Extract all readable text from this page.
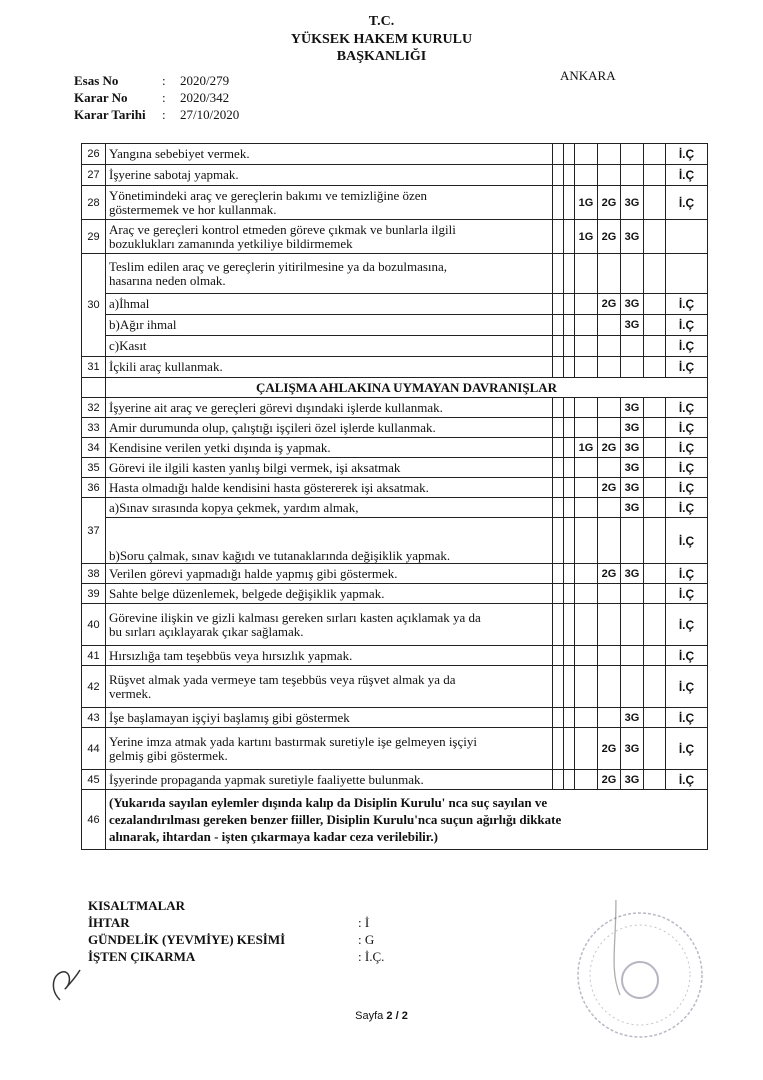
T.C.
YÜKSEK HAKEM KURULU
BAŞKANLIĞI
ANKARA
Esas No	:	2020/279
Karar No	:	2020/342
Karar Tarihi	:	27/10/2020
26	Yangına sebebiyet vermek.							İ.Ç
27	İşyerine sabotaj yapmak.							İ.Ç
28	Yönetimindeki araç ve gereçlerin bakımı ve temizliğine özen
göstermemek ve hor kullanmak.			1G	2G	3G		İ.Ç
29	Araç ve gereçleri kontrol etmeden göreve çıkmak ve bunlarla ilgili
bozuklukları zamanında yetkiliye bildirmemek			1G	2G	3G		
30	Teslim edilen araç ve gereçlerin yitirilmesine ya da bozulmasına,
hasarına neden olmak.							

	a)İhmal				2G	3G		İ.Ç
	b)Ağır ihmal					3G		İ.Ç
	c)Kasıt							İ.Ç
31	İçkili araç kullanmak.							İ.Ç
	ÇALIŞMA AHLAKINA UYMAYAN DAVRANIŞLAR							
32	İşyerine ait araç ve gereçleri görevi dışındaki işlerde kullanmak.					3G		İ.Ç
33	Amir durumunda olup, çalıştığı işçileri özel işlerde kullanmak.					3G		İ.Ç
34	Kendisine verilen yetki dışında iş yapmak.			1G	2G	3G		İ.Ç
35	Görevi ile ilgili kasten yanlış bilgi vermek, işi aksatmak					3G		İ.Ç
36	Hasta olmadığı halde kendisini hasta göstererek işi aksatmak.				2G	3G		İ.Ç
37	a)Sınav sırasında kopya çekmek, yardım almak,					3G		İ.Ç
	b)Soru çalmak, sınav kağıdı ve tutanaklarında değişiklik yapmak.							İ.Ç
38	Verilen görevi yapmadığı halde yapmış gibi göstermek.				2G	3G		İ.Ç
39	Sahte belge düzenlemek, belgede değişiklik yapmak.							İ.Ç
40	Görevine ilişkin ve gizli kalması gereken sırları kasten açıklamak ya da
bu sırları açıklayarak çıkar sağlamak.							İ.Ç
41	Hırsızlığa tam teşebbüs veya hırsızlık yapmak.							İ.Ç
42	Rüşvet almak yada vermeye tam teşebbüs veya rüşvet almak ya da
vermek.							İ.Ç
43	İşe başlamayan işçiyi başlamış gibi göstermek					3G		İ.Ç
44	Yerine imza atmak yada kartını bastırmak suretiyle işe gelmeyen işçiyi
gelmiş gibi göstermek.				2G	3G		İ.Ç
45	İşyerinde propaganda yapmak suretiyle faaliyette bulunmak.				2G	3G		İ.Ç
46	(Yukarıda sayılan eylemler dışında kalıp da Disiplin Kurulu' nca suç sayılan ve
cezalandırılması gereken benzer fiiller, Disiplin Kurulu'nca suçun ağırlığı dikkate
alınarak, ihtardan - işten çıkarmaya kadar ceza verilebilir.)							
KISALTMALAR
İHTAR	: İ
GÜNDELİK (YEVMİYE) KESİMİ	: G
İŞTEN ÇIKARMA	: İ.Ç.
Sayfa 2 / 2
